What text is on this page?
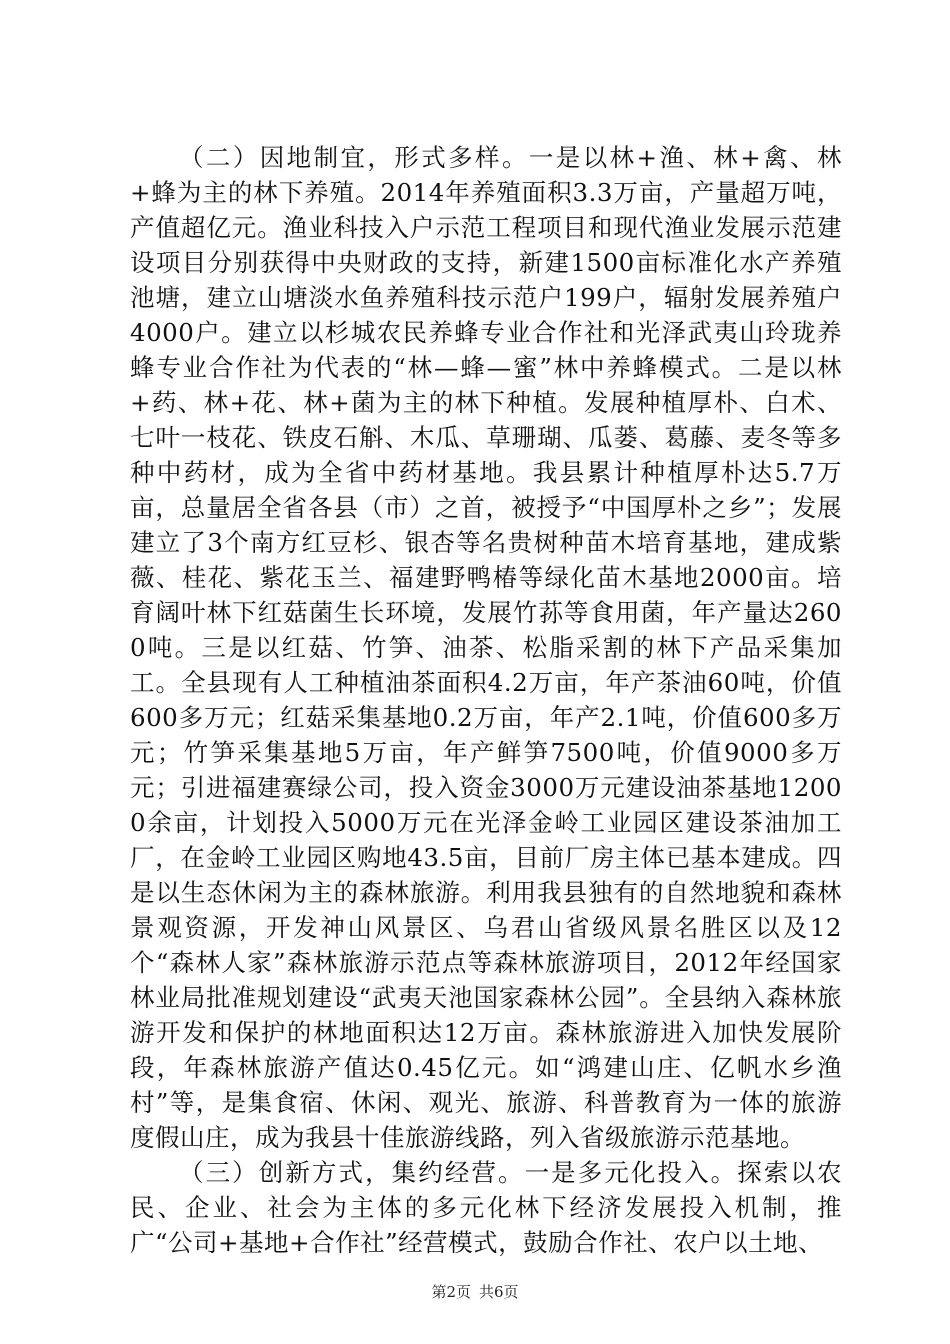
（二）因地制宜，形式多样。一是以林+渔、林+禽、林+蜂为主的林下养殖。2014年养殖面积3.3万亩，产量超万吨，产值超亿元。渔业科技入户示范工程项目和现代渔业发展示范建设项目分别获得中央财政的支持，新建1500亩标准化水产养殖池塘，建立山塘淡水鱼养殖科技示范户199户，辐射发展养殖户4000户。建立以杉城农民养蜂专业合作社和光泽武夷山玲珑养蜂专业合作社为代表的“林—蜂—蜜”林中养蜂模式。二是以林+药、林+花、林+菌为主的林下种植。发展种植厚朴、白术、七叶一枝花、铁皮石斛、木瓜、草珊瑚、瓜蒌、葛藤、麦冬等多种中药材，成为全省中药材基地。我县累计种植厚朴达5.7万亩，总量居全省各县（市）之首，被授予“中国厚朴之乡”；发展建立了3个南方红豆杉、银杏等名贵树种苗木培育基地，建成紫薇、桂花、紫花玉兰、福建野鸭椿等绿化苗木基地2000亩。培育阔叶林下红菇菌生长环境，发展竹荪等食用菌，年产量达2600吨。三是以红菇、竹笋、油茶、松脂采割的林下产品采集加工。全县现有人工种植油茶面积4.2万亩，年产茶油60吨，价值600多万元；红菇采集基地0.2万亩，年产2.1吨，价值600多万元；竹笋采集基地5万亩，年产鲜笋7500吨，价值9000多万元；引进福建赛绿公司，投入资金3000万元建设油茶基地12000余亩，计划投入5000万元在光泽金岭工业园区建设茶油加工厂，在金岭工业园区购地43.5亩，目前厂房主体已基本建成。四是以生态休闲为主的森林旅游。利用我县独有的自然地貌和森林景观资源，开发神山风景区、乌君山省级风景名胜区以及12个“森林人家”森林旅游示范点等森林旅游项目，2012年经国家林业局批准规划建设“武夷天池国家森林公园”。全县纳入森林旅游开发和保护的林地面积达12万亩。森林旅游进入加快发展阶段，年森林旅游产值达0.45亿元。如“鸿建山庄、亿帆水乡渔村”等，是集食宿、休闲、观光、旅游、科普教育为一体的旅游度假山庄，成为我县十佳旅游线路，列入省级旅游示范基地。

（三）创新方式，集约经营。一是多元化投入。探索以农民、企业、社会为主体的多元化林下经济发展投入机制，推广“公司+基地+合作社”经营模式，鼓励合作社、农户以土地、

第2页 共6页
